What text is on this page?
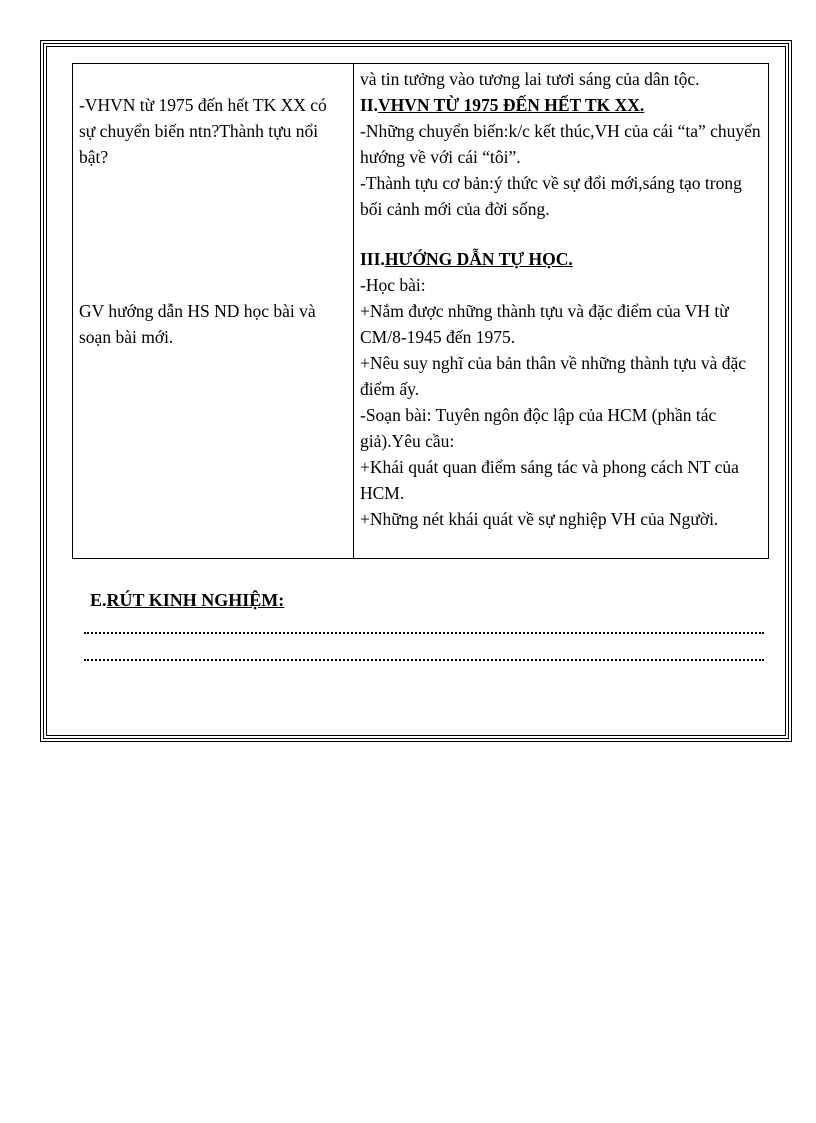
-VHVN từ 1975 đến hết TK XX có sự chuyển biến ntn?Thành tựu nổi bật?

GV hướng dẫn HS ND học bài và soạn bài mới.

và tin tưởng vào tương lai tươi sáng của dân tộc.

II.VHVN TỪ 1975 ĐẾN HẾT TK XX.

-Những chuyển biến:k/c kết thúc,VH của cái “ta” chuyển hướng về với cái “tôi”.

-Thành tựu cơ bản:ý thức về sự đổi mới,sáng tạo trong bối cảnh mới của đời sống.

III.HƯỚNG DẪN TỰ HỌC.

-Học bài:

+Nắm được những thành tựu và đặc điểm của VH từ CM/8-1945 đến 1975.

+Nêu suy nghĩ của bản thân về những thành tựu và đặc điểm ấy.

-Soạn bài: Tuyên ngôn độc lập của HCM (phần tác giả).Yêu cầu:

+Khái quát quan điểm sáng tác và phong cách NT của HCM.

+Những nét khái quát về sự nghiệp VH của Người.

E.RÚT KINH NGHIỆM:
